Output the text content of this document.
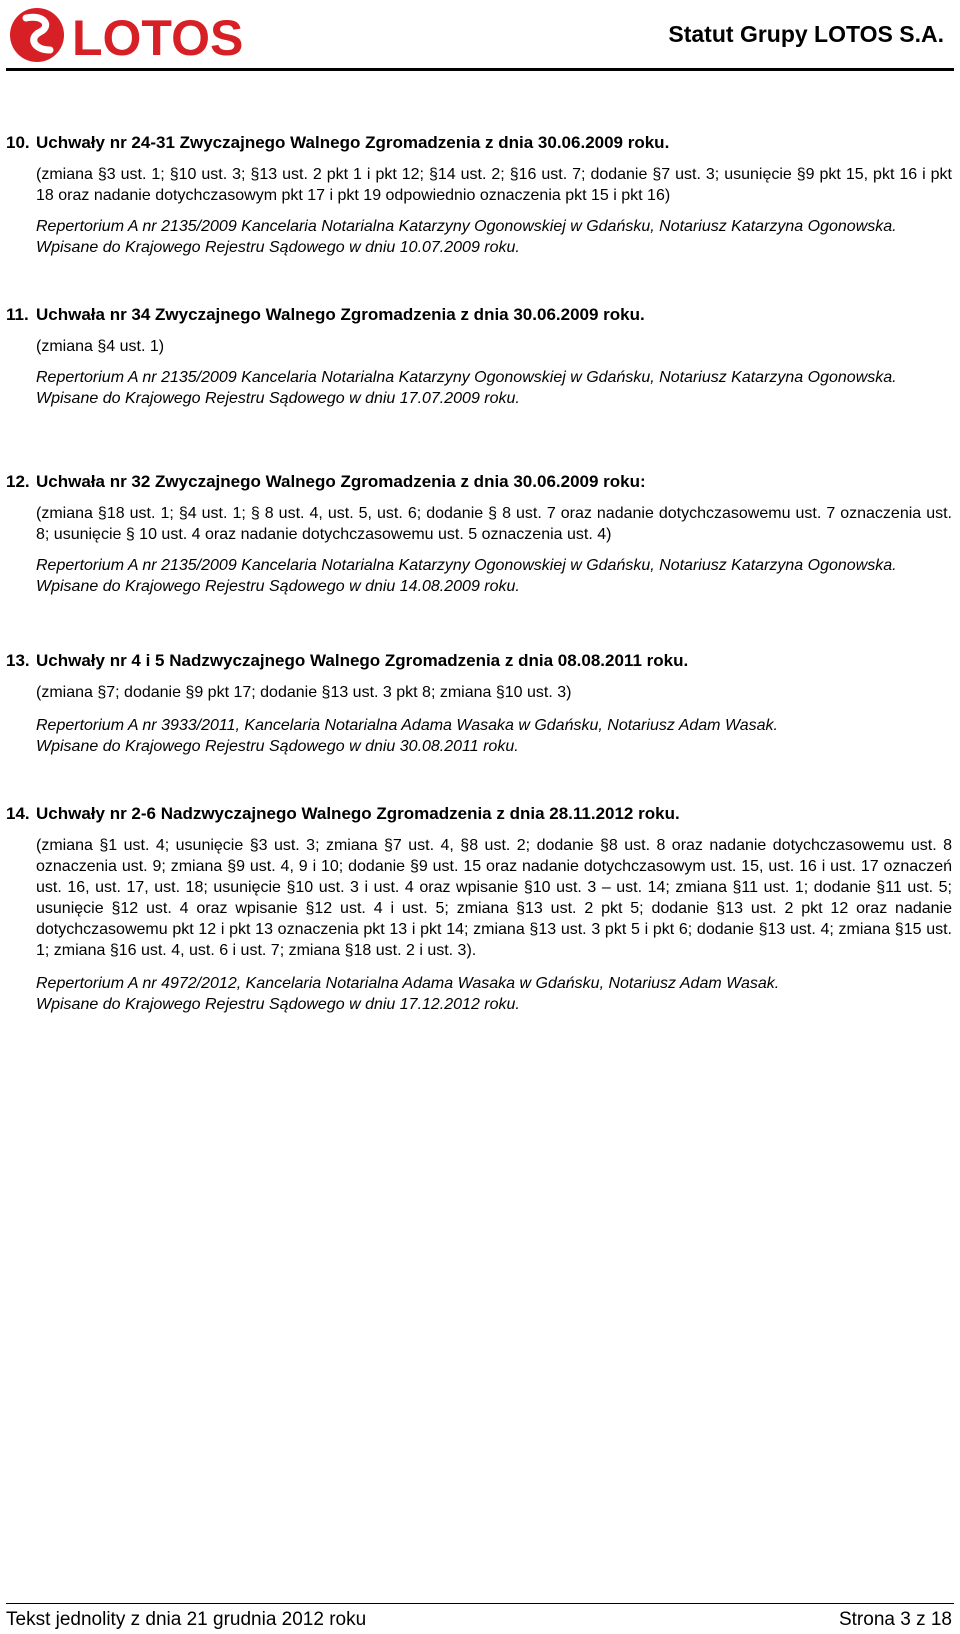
LOTOS	Statut Grupy LOTOS S.A.
10. Uchwały nr 24-31 Zwyczajnego Walnego Zgromadzenia z dnia 30.06.2009 roku.
(zmiana §3 ust. 1; §10 ust. 3; §13 ust. 2 pkt 1 i pkt 12; §14 ust. 2; §16 ust. 7; dodanie §7 ust. 3; usunięcie §9 pkt 15, pkt 16 i pkt 18 oraz nadanie dotychczasowym pkt 17 i pkt 19 odpowiednio oznaczenia pkt 15 i pkt 16)
Repertorium A nr 2135/2009 Kancelaria Notarialna Katarzyny Ogonowskiej w Gdańsku, Notariusz Katarzyna Ogonowska.
Wpisane do Krajowego Rejestru Sądowego w dniu 10.07.2009 roku.
11. Uchwała nr 34 Zwyczajnego Walnego Zgromadzenia z dnia 30.06.2009 roku.
(zmiana §4 ust. 1)
Repertorium A nr 2135/2009 Kancelaria Notarialna Katarzyny Ogonowskiej w Gdańsku, Notariusz Katarzyna Ogonowska.
Wpisane do Krajowego Rejestru Sądowego w dniu 17.07.2009 roku.
12. Uchwała nr 32 Zwyczajnego Walnego Zgromadzenia z dnia 30.06.2009 roku:
(zmiana §18 ust. 1; §4 ust. 1; § 8 ust. 4, ust. 5, ust. 6; dodanie § 8 ust. 7 oraz nadanie dotychczasowemu ust. 7 oznaczenia ust. 8; usunięcie § 10 ust. 4 oraz nadanie dotychczasowemu ust. 5 oznaczenia ust. 4)
Repertorium A nr 2135/2009 Kancelaria Notarialna Katarzyny Ogonowskiej w Gdańsku, Notariusz Katarzyna Ogonowska.
Wpisane do Krajowego Rejestru Sądowego w dniu 14.08.2009 roku.
13. Uchwały nr 4 i 5 Nadzwyczajnego Walnego Zgromadzenia z dnia 08.08.2011 roku.
(zmiana §7; dodanie §9 pkt 17; dodanie §13 ust. 3 pkt 8; zmiana §10 ust. 3)
Repertorium A nr 3933/2011, Kancelaria Notarialna Adama Wasaka w Gdańsku, Notariusz Adam Wasak.
Wpisane do Krajowego Rejestru Sądowego w dniu 30.08.2011 roku.
14. Uchwały nr 2-6 Nadzwyczajnego Walnego Zgromadzenia z dnia 28.11.2012 roku.
(zmiana §1 ust. 4; usunięcie §3 ust. 3; zmiana §7 ust. 4, §8 ust. 2; dodanie §8 ust. 8 oraz nadanie dotychczasowemu ust. 8 oznaczenia ust. 9; zmiana §9 ust. 4, 9 i 10; dodanie §9 ust. 15 oraz nadanie dotychczasowym ust. 15, ust. 16 i ust. 17 oznaczeń ust. 16, ust. 17, ust. 18; usunięcie §10 ust. 3 i ust. 4 oraz wpisanie §10 ust. 3 – ust. 14; zmiana §11 ust. 1; dodanie §11 ust. 5; usunięcie §12 ust. 4 oraz wpisanie §12 ust. 4 i ust. 5; zmiana §13 ust. 2 pkt 5; dodanie §13 ust. 2 pkt 12 oraz nadanie dotychczasowemu pkt 12 i pkt 13 oznaczenia pkt 13 i pkt 14; zmiana §13 ust. 3 pkt 5 i pkt 6; dodanie §13 ust. 4; zmiana §15 ust. 1; zmiana §16 ust. 4, ust. 6 i ust. 7; zmiana §18 ust. 2 i ust. 3).
Repertorium A nr 4972/2012, Kancelaria Notarialna Adama Wasaka w Gdańsku, Notariusz Adam Wasak.
Wpisane do Krajowego Rejestru Sądowego w dniu 17.12.2012 roku.
Tekst jednolity z dnia 21 grudnia 2012 roku	Strona 3 z 18
